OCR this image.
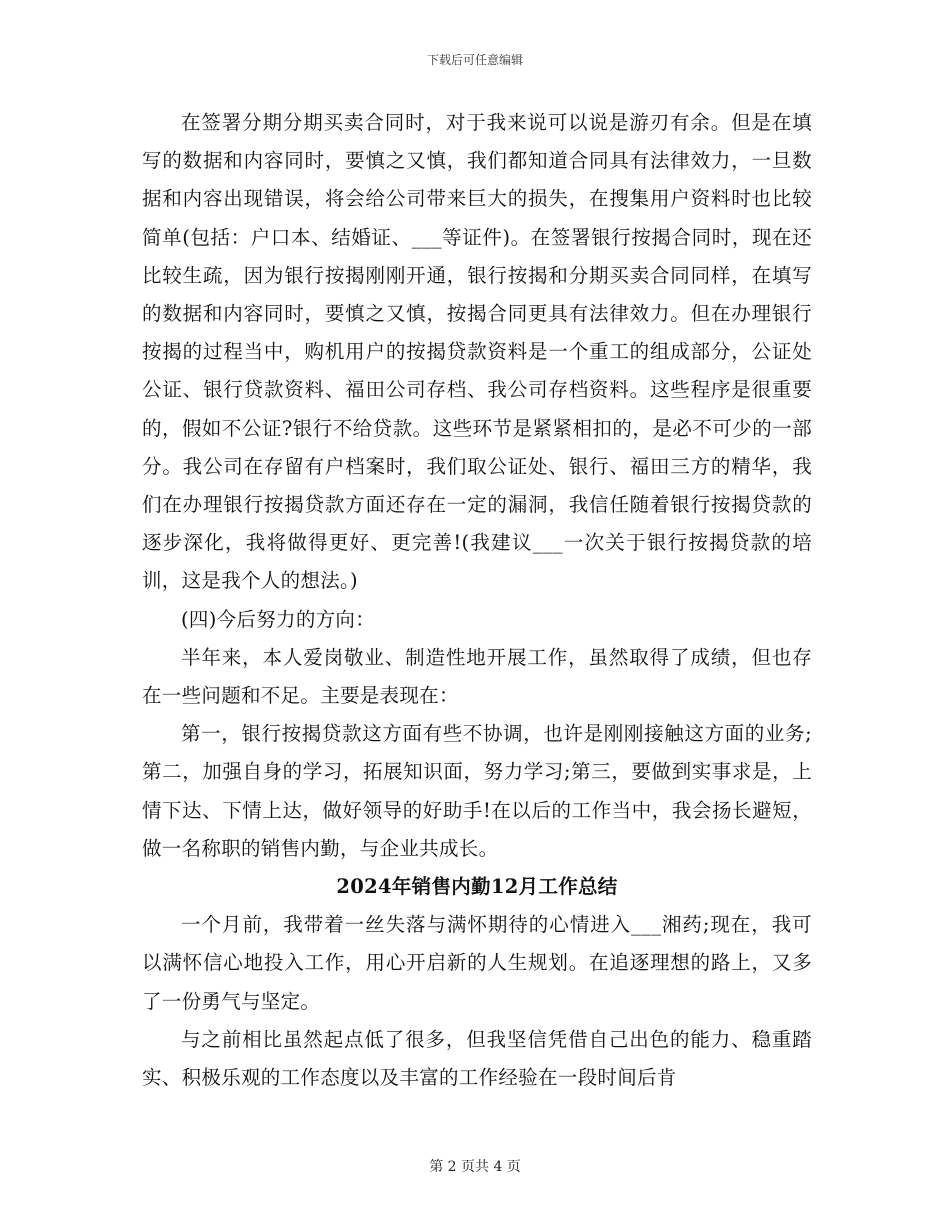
下载后可任意编辑

在签署分期分期买卖合同时，对于我来说可以说是游刃有余。但是在填写的数据和内容同时，要慎之又慎，我们都知道合同具有法律效力，一旦数据和内容出现错误，将会给公司带来巨大的损失，在搜集用户资料时也比较简单(包括：户口本、结婚证、___等证件)。在签署银行按揭合同时，现在还比较生疏，因为银行按揭刚刚开通，银行按揭和分期买卖合同同样，在填写的数据和内容同时，要慎之又慎，按揭合同更具有法律效力。但在办理银行按揭的过程当中，购机用户的按揭贷款资料是一个重工的组成部分，公证处公证、银行贷款资料、福田公司存档、我公司存档资料。这些程序是很重要的，假如不公证?银行不给贷款。这些环节是紧紧相扣的，是必不可少的一部分。我公司在存留有户档案时，我们取公证处、银行、福田三方的精华，我们在办理银行按揭贷款方面还存在一定的漏洞，我信任随着银行按揭贷款的逐步深化，我将做得更好、更完善!(我建议___一次关于银行按揭贷款的培训，这是我个人的想法。)

(四)今后努力的方向：

半年来，本人爱岗敬业、制造性地开展工作，虽然取得了成绩，但也存在一些问题和不足。主要是表现在：

第一，银行按揭贷款这方面有些不协调，也许是刚刚接触这方面的业务;第二，加强自身的学习，拓展知识面，努力学习;第三，要做到实事求是，上情下达、下情上达，做好领导的好助手!在以后的工作当中，我会扬长避短，做一名称职的销售内勤，与企业共成长。

2024年销售内勤12月工作总结

一个月前，我带着一丝失落与满怀期待的心情进入___湘药;现在，我可以满怀信心地投入工作，用心开启新的人生规划。在追逐理想的路上，又多了一份勇气与坚定。

与之前相比虽然起点低了很多，但我坚信凭借自己出色的能力、稳重踏实、积极乐观的工作态度以及丰富的工作经验在一段时间后肯

第 2 页共 4 页
